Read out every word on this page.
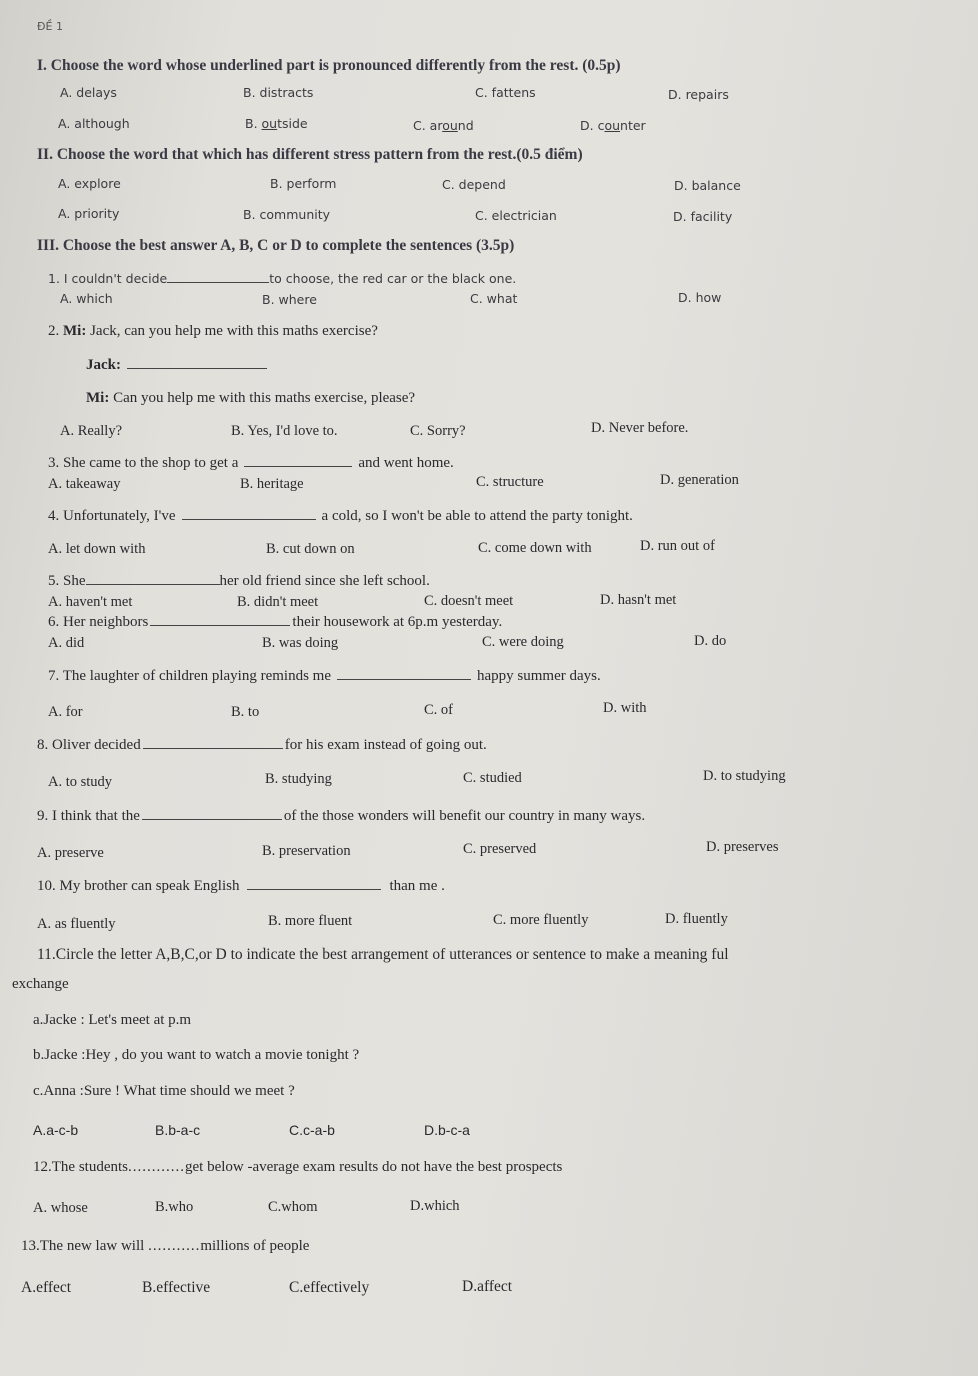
ĐỀ 1
I. Choose the word whose underlined part is pronounced differently from the rest. (0.5p)
A. delays	B. distracts	C. fattens	D. repairs
A. although	B. outside	C. around	D. counter
II. Choose the word that which has different stress pattern from the rest.(0.5 điểm)
A. explore	B. perform	C. depend	D. balance
A. priority	B. community	C. electrician	D. facility
III. Choose the best answer A, B, C or D to complete the sentences (3.5p)
1. I couldn't decide	to choose, the red car or the black one.
A. which	B. where	C. what	D. how
2. Mi: Jack, can you help me with this maths exercise?
Jack:
Mi: Can you help me with this maths exercise, please?
A. Really?	B. Yes, I'd love to.	C. Sorry?	D. Never before.
3. She came to the shop to get a	and went home.
A. takeaway	B. heritage	C. structure	D. generation
4. Unfortunately, I've	a cold, so I won't be able to attend the party tonight.
A. let down with	B. cut down on	C. come down with	D. run out of
5. She	her old friend since she left school.
A. haven't met	B. didn't meet	C. doesn't meet	D. hasn't met
6. Her neighbors	their housework at 6p.m yesterday.
A. did	B. was doing	C. were doing	D. do
7. The laughter of children playing reminds me	happy summer days.
A. for	B. to	C. of	D. with
8. Oliver decided	for his exam instead of going out.
A. to study	B. studying	C. studied	D. to studying
9. I think that the	of the those wonders will benefit our country in many ways.
A. preserve	B. preservation	C. preserved	D. preserves
10. My brother can speak English	than me .
A. as fluently	B. more fluent	C. more fluently	D. fluently
11.Circle the letter A,B,C,or D to indicate the best arrangement of utterances or sentence to make a meaning ful
exchange
a.Jacke : Let's meet at p.m
b.Jacke :Hey , do you want to watch a movie tonight ?
c.Anna :Sure ! What time should we meet ?
A.a-c-b	B.b-a-c	C.c-a-b	D.b-c-a
12.The students............get below -average exam results do not have the best prospects
A. whose	B.who	C.whom	D.which
13.The new law will ...........millions of people
A.effect	B.effective	C.effectively	D.affect
